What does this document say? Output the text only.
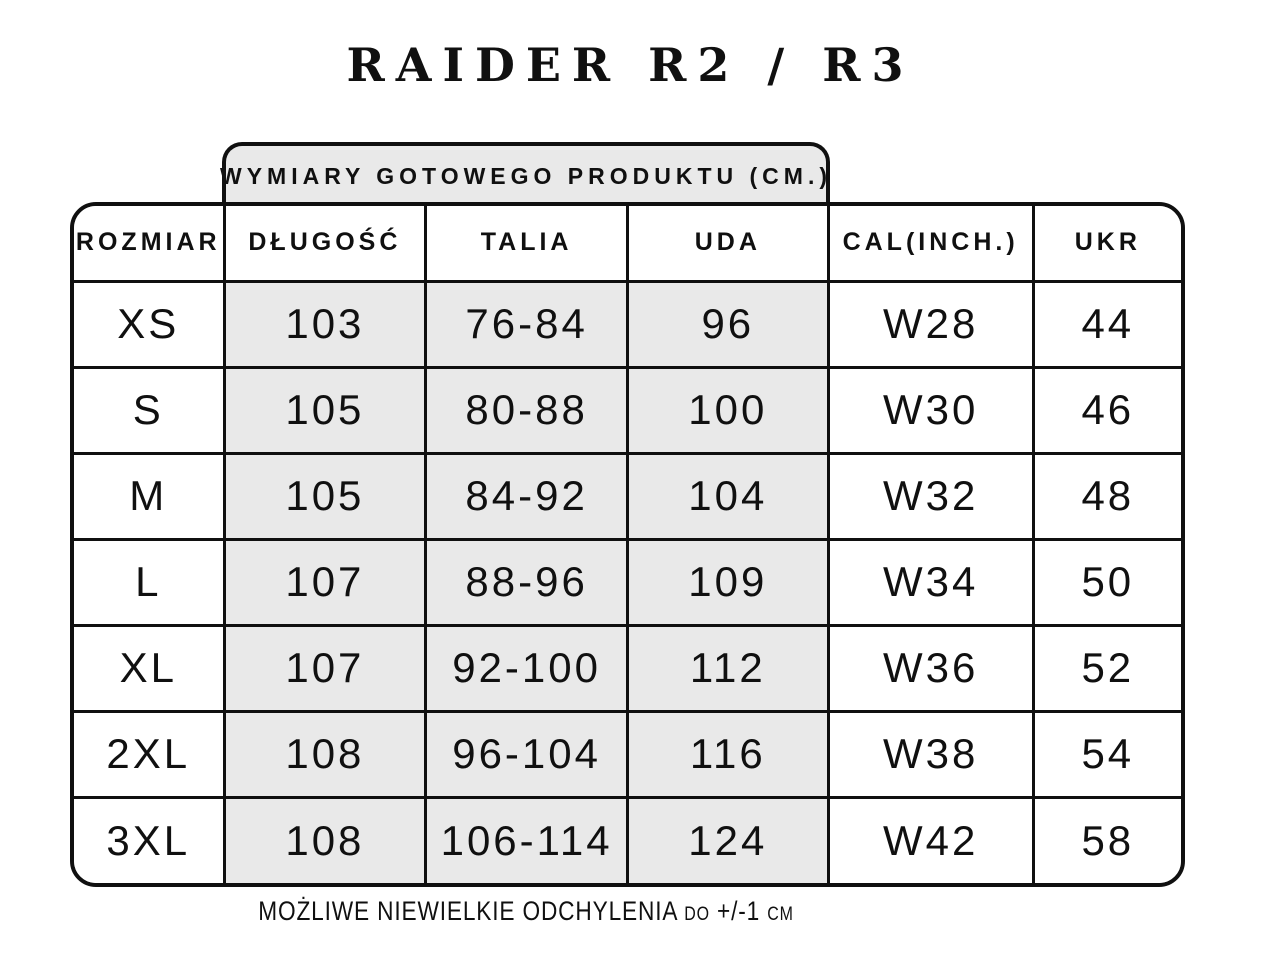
RAIDER R2 / R3
WYMIARY GOTOWEGO PRODUKTU (CM.)
ROZMIAR	DŁUGOŚĆ	TALIA	UDA	CAL(INCH.)	UKR
XS	103	76-84	96	W28	44
S	105	80-88	100	W30	46
M	105	84-92	104	W32	48
L	107	88-96	109	W34	50
XL	107	92-100	112	W36	52
2XL	108	96-104	116	W38	54
3XL	108	106-114	124	W42	58
MOŻLIWE NIEWIELKIE ODCHYLENIA do +/-1 cm
